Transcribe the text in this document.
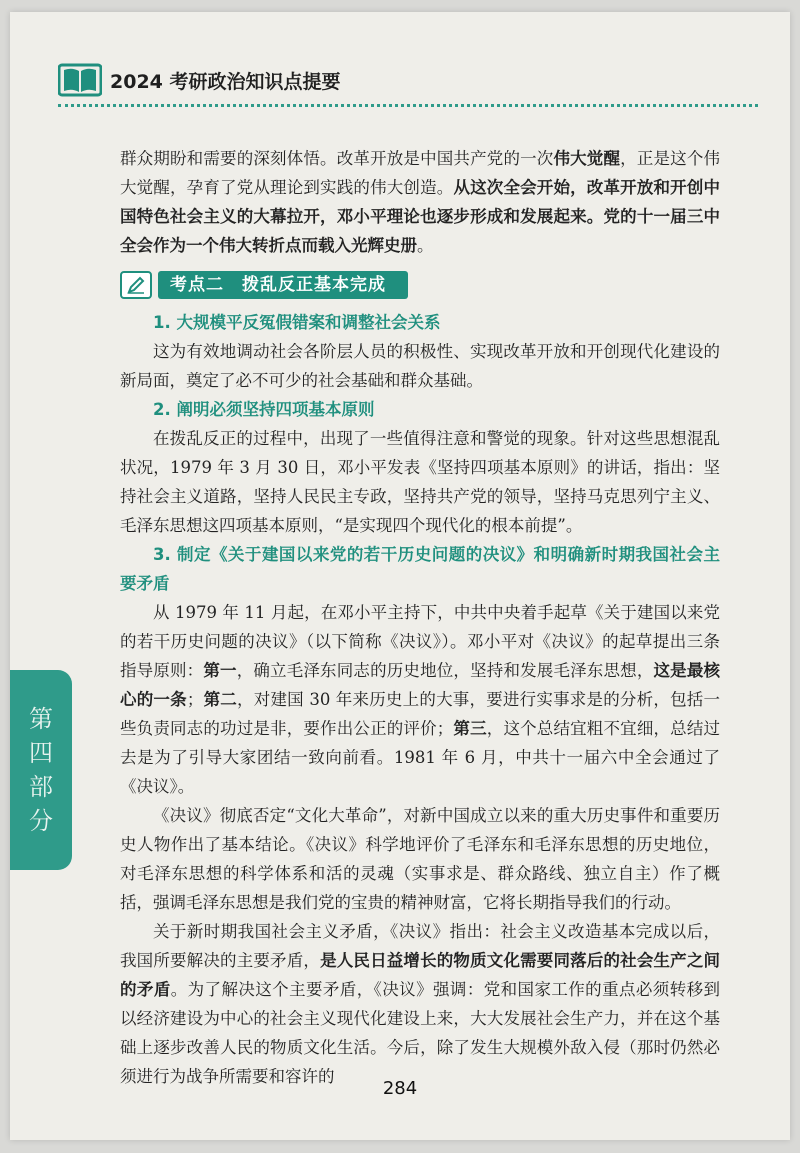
2024 考研政治知识点提要

群众期盼和需要的深刻体悟。改革开放是中国共产党的一次伟大觉醒，正是这个伟大觉醒，孕育了党从理论到实践的伟大创造。从这次全会开始，改革开放和开创中国特色社会主义的大幕拉开，邓小平理论也逐步形成和发展起来。党的十一届三中全会作为一个伟大转折点而载入光辉史册。

考点二　拨乱反正基本完成

1. 大规模平反冤假错案和调整社会关系

这为有效地调动社会各阶层人员的积极性、实现改革开放和开创现代化建设的新局面，奠定了必不可少的社会基础和群众基础。

2. 阐明必须坚持四项基本原则

在拨乱反正的过程中，出现了一些值得注意和警觉的现象。针对这些思想混乱状况，1979 年 3 月 30 日，邓小平发表《坚持四项基本原则》的讲话，指出：坚持社会主义道路，坚持人民民主专政，坚持共产党的领导，坚持马克思列宁主义、毛泽东思想这四项基本原则，“是实现四个现代化的根本前提”。

3. 制定《关于建国以来党的若干历史问题的决议》和明确新时期我国社会主要矛盾

从 1979 年 11 月起，在邓小平主持下，中共中央着手起草《关于建国以来党的若干历史问题的决议》（以下简称《决议》）。邓小平对《决议》的起草提出三条指导原则：第一，确立毛泽东同志的历史地位，坚持和发展毛泽东思想，这是最核心的一条；第二，对建国 30 年来历史上的大事，要进行实事求是的分析，包括一些负责同志的功过是非，要作出公正的评价；第三，这个总结宜粗不宜细，总结过去是为了引导大家团结一致向前看。1981 年 6 月，中共十一届六中全会通过了《决议》。

《决议》彻底否定“文化大革命”，对新中国成立以来的重大历史事件和重要历史人物作出了基本结论。《决议》科学地评价了毛泽东和毛泽东思想的历史地位，对毛泽东思想的科学体系和活的灵魂（实事求是、群众路线、独立自主）作了概括，强调毛泽东思想是我们党的宝贵的精神财富，它将长期指导我们的行动。

关于新时期我国社会主义矛盾，《决议》指出：社会主义改造基本完成以后，我国所要解决的主要矛盾，是人民日益增长的物质文化需要同落后的社会生产之间的矛盾。为了解决这个主要矛盾，《决议》强调：党和国家工作的重点必须转移到以经济建设为中心的社会主义现代化建设上来，大大发展社会生产力，并在这个基础上逐步改善人民的物质文化生活。今后，除了发生大规模外敌入侵（那时仍然必须进行为战争所需要和容许的

第
四
部
分
284
